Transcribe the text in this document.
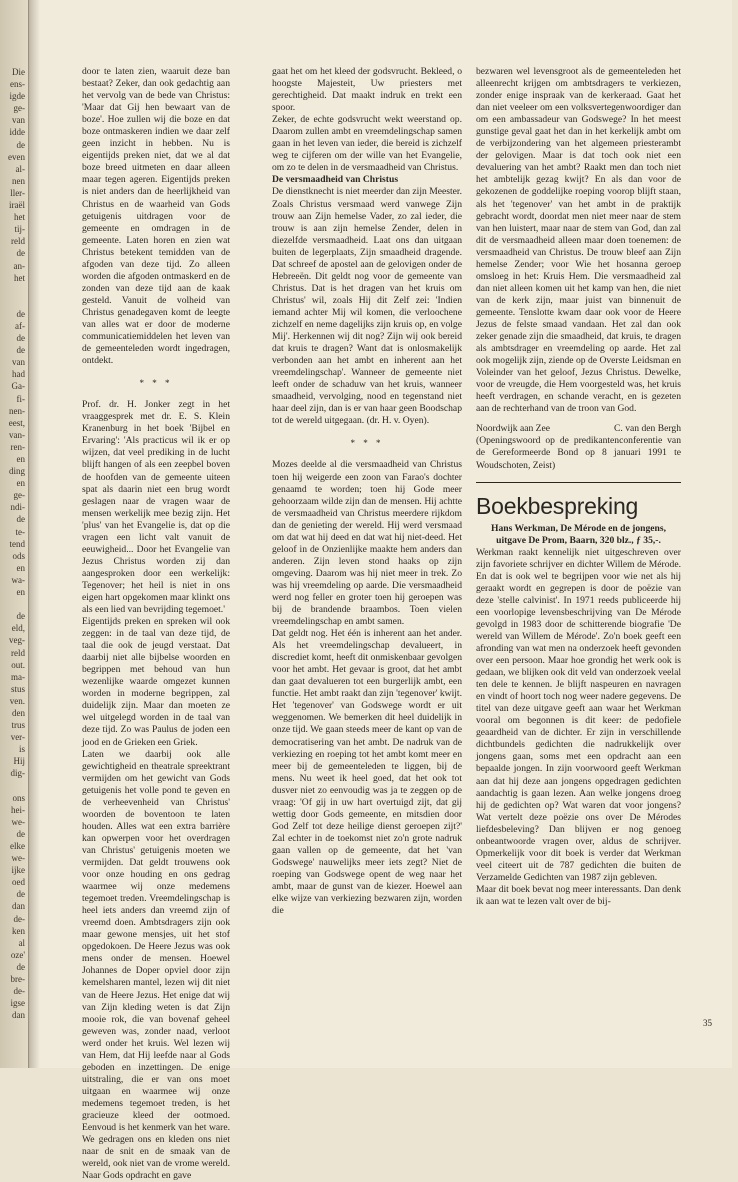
Die
ens-
igde
ge-
van
idde
de
even
al-
nen
ller-
iraël
het
tij-
reld
de
an-
het

de
af-
de
de
van
had
Ga-
fi-
nen-
eest,
van-
ren-
en
ding
en
ge-
ndi-
de
te-
tend
ods
en
wa-
en

de
eld,
veg-
reld
out.
ma-
stus
ven.
den
trus
ver-
is
Hij
dig-

ons
hei-
we-
de
elke
we-
ijke
oed
de
dan
de-
ken
al
oze'
de
bre-
de-
igse
dan

door te laten zien, waaruit deze ban bestaat? Zeker, dan ook gedachtig aan het vervolg van de bede van Christus: 'Maar dat Gij hen bewaart van de boze'. Hoe zullen wij die boze en dat boze ontmaskeren indien we daar zelf geen inzicht in hebben. Nu is eigentijds preken niet, dat we al dat boze breed uitmeten en daar alleen maar tegen ageren. Eigentijds preken is niet anders dan de heerlijkheid van Christus en de waarheid van Gods getuigenis uitdragen voor de gemeente en omdragen in de gemeente. Laten horen en zien wat Christus betekent temidden van de afgoden van deze tijd. Zo alleen worden die afgoden ontmaskerd en de zonden van deze tijd aan de kaak gesteld. Vanuit de volheid van Christus genadegaven komt de leegte van alles wat er door de moderne communicatiemiddelen het leven van de gemeenteleden wordt ingedragen, ontdekt.

* * *

Prof. dr. H. Jonker zegt in het vraaggesprek met dr. E. S. Klein Kranenburg in het boek 'Bijbel en Ervaring': 'Als practicus wil ik er op wijzen, dat veel prediking in de lucht blijft hangen of als een zeepbel boven de hoofden van de gemeente uiteen spat als daarin niet een brug wordt geslagen naar de vragen waar de mensen werkelijk mee bezig zijn. Het 'plus' van het Evangelie is, dat op die vragen een licht valt vanuit de eeuwigheid... Door het Evangelie van Jezus Christus worden zij dan aangesproken door een werkelijk: Tegenover; het heil is niet in ons eigen hart opgekomen maar klinkt ons als een lied van bevrijding tegemoet.'

Eigentijds preken en spreken wil ook zeggen: in de taal van deze tijd, de taal die ook de jeugd verstaat. Dat daarbij niet alle bijbelse woorden en begrippen met behoud van hun wezenlijke waarde omgezet kunnen worden in moderne begrippen, zal duidelijk zijn. Maar dan moeten ze wel uitgelegd worden in de taal van deze tijd. Zo was Paulus de joden een jood en de Grieken een Griek.

Laten we daarbij ook alle gewichtigheid en theatrale spreektrant vermijden om het gewicht van Gods getuigenis het volle pond te geven en de verheevenheid van Christus' woorden de boventoon te laten houden. Alles wat een extra barrière kan opwerpen voor het overdragen van Christus' getuigenis moeten we vermijden. Dat geldt trouwens ook voor onze houding en ons gedrag waarmee wij onze medemens tegemoet treden. Vreemdelingschap is heel iets anders dan vreemd zijn of vreemd doen. Ambtsdragers zijn ook maar gewone mensjes, uit het stof opgedokoen. De Heere Jezus was ook mens onder de mensen. Hoewel Johannes de Doper opviel door zijn kemelsharen mantel, lezen wij dit niet van de Heere Jezus. Het enige dat wij van Zijn kleding weten is dat Zijn mooie rok, die van bovenaf geheel geweven was, zonder naad, verloot werd onder het kruis. Wel lezen wij van Hem, dat Hij leefde naar al Gods geboden en inzettingen. De enige uitstraling, die er van ons moet uitgaan en waarmee wij onze medemens tegemoet treden, is het gracieuze kleed der ootmoed. Eenvoud is het kenmerk van het ware. We gedragen ons en kleden ons niet naar de snit en de smaak van de wereld, ook niet van de vrome wereld. Naar Gods opdracht en gave

gaat het om het kleed der godsvrucht. Bekleed, o hoogste Majesteit, Uw priesters met gerechtigheid. Dat maakt indruk en trekt een spoor.

Zeker, de echte godsvrucht wekt weerstand op. Daarom zullen ambt en vreemdelingschap samen gaan in het leven van ieder, die bereid is zichzelf weg te cijferen om der wille van het Evangelie, om zo te delen in de versmaadheid van Christus.

De versmaadheid van Christus

De dienstknecht is niet meerder dan zijn Meester. Zoals Christus versmaad werd vanwege Zijn trouw aan Zijn hemelse Vader, zo zal ieder, die trouw is aan zijn hemelse Zender, delen in diezelfde versmaadheid. Laat ons dan uitgaan buiten de legerplaats, Zijn smaadheid dragende. Dat schreef de apostel aan de gelovigen onder de Hebreeën. Dit geldt nog voor de gemeente van Christus. Dat is het dragen van het kruis om Christus' wil, zoals Hij dit Zelf zei: 'Indien iemand achter Mij wil komen, die verloochene zichzelf en neme dagelijks zijn kruis op, en volge Mij'. Herkennen wij dit nog? Zijn wij ook bereid dat kruis te dragen? Want dat is onlosmakelijk verbonden aan het ambt en inherent aan het vreemdelingschap'. Wanneer de gemeente niet leeft onder de schaduw van het kruis, wanneer smaadheid, vervolging, nood en tegenstand niet haar deel zijn, dan is er van haar geen Boodschap tot de wereld uitgegaan. (dr. H. v. Oyen).

* * *

Mozes deelde al die versmaadheid van Christus toen hij weigerde een zoon van Farao's dochter genaamd te worden; toen hij Gode meer gehoorzaam wilde zijn dan de mensen. Hij achtte de versmaadheid van Christus meerdere rijkdom dan de genieting der wereld. Hij werd versmaad om dat wat hij deed en dat wat hij niet-deed. Het geloof in de Onzienlijke maakte hem anders dan anderen. Zijn leven stond haaks op zijn omgeving. Daarom was hij niet meer in trek. Zo was hij vreemdeling op aarde. Die versmaadheid werd nog feller en groter toen hij geroepen was bij de brandende braambos. Toen vielen vreemdelingschap en ambt samen.

Dat geldt nog. Het één is inherent aan het ander. Als het vreemdelingschap devalueert, in discrediet komt, heeft dit onmiskenbaar gevolgen voor het ambt. Het gevaar is groot, dat het ambt dan gaat devalueren tot een burgerlijk ambt, een functie. Het ambt raakt dan zijn 'tegenover' kwijt. Het 'tegenover' van Godswege wordt er uit weggenomen. We bemerken dit heel duidelijk in onze tijd. We gaan steeds meer de kant op van de democratisering van het ambt. De nadruk van de verkiezing en roeping tot het ambt komt meer en meer bij de gemeenteleden te liggen, bij de mens. Nu weet ik heel goed, dat het ook tot dusver niet zo eenvoudig was ja te zeggen op de vraag: 'Of gij in uw hart overtuigd zijt, dat gij wettig door Gods gemeente, en mitsdien door God Zelf tot deze heilige dienst geroepen zijt?' Zal echter in de toekomst niet zo'n grote nadruk gaan vallen op de gemeente, dat het 'van Godswege' nauwelijks meer iets zegt? Niet de roeping van Godswege opent de weg naar het ambt, maar de gunst van de kiezer. Hoewel aan elke wijze van verkiezing bezwaren zijn, worden die

bezwaren wel levensgroot als de gemeenteleden het alleenrecht krijgen om ambtsdragers te verkiezen, zonder enige inspraak van de kerkeraad. Gaat het dan niet veeleer om een volksvertegenwoordiger dan om een ambassadeur van Godswege? In het meest gunstige geval gaat het dan in het kerkelijk ambt om de verbijzondering van het algemeen priesterambt der gelovigen. Maar is dat toch ook niet een devaluering van het ambt? Raakt men dan toch niet het ambtelijk gezag kwijt? En als dan voor de gekozenen de goddelijke roeping voorop blijft staan, als het 'tegenover' van het ambt in de praktijk gebracht wordt, doordat men niet meer naar de stem van hen luistert, maar naar de stem van God, dan zal dit de versmaadheid alleen maar doen toenemen: de versmaadheid van Christus. De trouw bleef aan Zijn hemelse Zender; voor Wie het hosanna geroep omsloeg in het: Kruis Hem. Die versmaadheid zal dan niet alleen komen uit het kamp van hen, die niet van de kerk zijn, maar juist van binnenuit de gemeente. Tenslotte kwam daar ook voor de Heere Jezus de felste smaad vandaan. Het zal dan ook zeker genade zijn die smaadheid, dat kruis, te dragen als ambtsdrager en vreemdeling op aarde. Het zal ook mogelijk zijn, ziende op de Overste Leidsman en Voleinder van het geloof, Jezus Christus. Dewelke, voor de vreugde, die Hem voorgesteld was, het kruis heeft verdragen, en schande veracht, en is gezeten aan de rechterhand van de troon van God.

Noordwijk aan Zee	C. van den Bergh

(Openingswoord op de predikantenconferentie van de Gereformeerde Bond op 8 januari 1991 te Woudschoten, Zeist)

Boekbespreking

Hans Werkman, De Mérode en de jongens, uitgave De Prom, Baarn, 320 blz., ƒ 35,-.

Werkman raakt kennelijk niet uitgeschreven over zijn favoriete schrijver en dichter Willem de Mérode. En dat is ook wel te begrijpen voor wie net als hij geraakt wordt en gegrepen is door de poëzie van deze 'stelle calvinist'. In 1971 reeds publiceerde hij een voorlopige levensbeschrijving van De Mérode gevolgd in 1983 door de schitterende biografie 'De wereld van Willem de Mérode'. Zo'n boek geeft een afronding van wat men na onderzoek heeft gevonden over een persoon. Maar hoe grondig het werk ook is gedaan, we blijken ook dit veld van onderzoek veelal ten dele te kennen. Je blijft naspeuren en navragen en vindt of hoort toch nog weer nadere gegevens. De titel van deze uitgave geeft aan waar het Werkman vooral om begonnen is dit keer: de pedofiele geaardheid van de dichter. Er zijn in verschillende dichtbundels gedichten die nadrukkelijk over jongens gaan, soms met een opdracht aan een bepaalde jongen. In zijn voorwoord geeft Werkman aan dat hij deze aan jongens opgedragen gedichten aandachtig is gaan lezen. Aan welke jongens droeg hij de gedichten op? Wat waren dat voor jongens? Wat vertelt deze poëzie ons over De Mérodes liefdesbeleving? Dan blijven er nog genoeg onbeantwoorde vragen over, aldus de schrijver. Opmerkelijk voor dit boek is verder dat Werkman veel citeert uit de 787 gedichten die buiten de Verzamelde Gedichten van 1987 zijn gebleven.

Maar dit boek bevat nog meer interessants. Dan denk ik aan wat te lezen valt over de bij-

35
